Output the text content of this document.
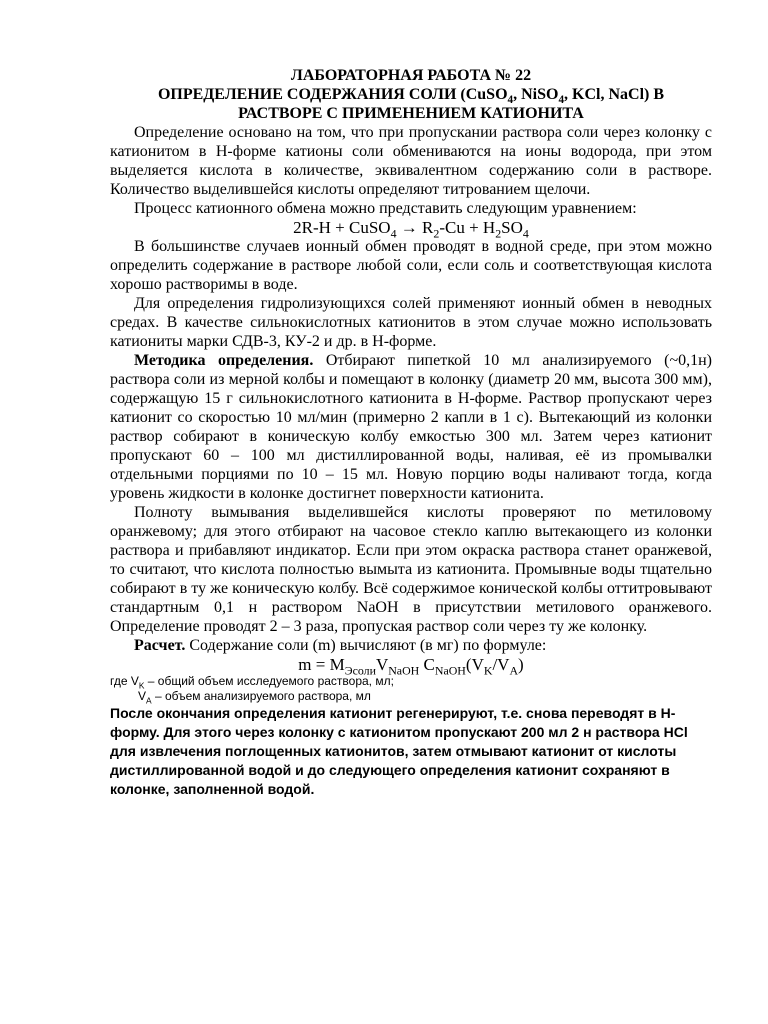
ЛАБОРАТОРНАЯ РАБОТА № 22

ОПРЕДЕЛЕНИЕ СОДЕРЖАНИЯ СОЛИ (CuSO$_4$, NiSO$_4$, KCl, NaCl) В
РАСТВОРЕ С ПРИМЕНЕНИЕМ КАТИОНИТА

Определение основано на том, что при пропускании раствора соли через колонку с катионитом в Н-форме катионы соли обмениваются на ионы водорода, при этом выделяется кислота в количестве, эквивалентном содержанию соли в растворе. Количество выделившейся кислоты определяют титрованием щелочи.

Процесс катионного обмена можно представить следующим уравнением:

2R-H + CuSO$_4$ → $R_2-Cu + H_2SO_4$

В большинстве случаев ионный обмен проводят в водной среде, при этом можно определить содержание в растворе любой соли, если соль и соответствующая кислота хорошо растворимы в воде.

Для определения гидролизующихся солей применяют ионный обмен в неводных средах. В качестве сильнокислотных катионитов в этом случае можно использовать катиониты марки СДВ-3, КУ-2 и др. в Н-форме.

Методика определения. Отбирают пипеткой 10 мл анализируемого (~0,1н) раствора соли из мерной колбы и помещают в колонку (диаметр 20 мм, высота 300 мм), содержащую 15 г сильнокислотного катионита в Н-форме. Раствор пропускают через катионит со скоростью 10 мл/мин (примерно 2 капли в 1 с). Вытекающий из колонки раствор собирают в коническую колбу емкостью 300 мл. Затем через катионит пропускают 60 – 100 мл дистиллированной воды, наливая, её из промывалки отдельными порциями по 10 – 15 мл. Новую порцию воды наливают тогда, когда уровень жидкости в колонке достигнет поверхности катионита.

Полноту вымывания выделившейся кислоты проверяют по метиловому оранжевому; для этого отбирают на часовое стекло каплю вытекающего из колонки раствора и прибавляют индикатор. Если при этом окраска раствора станет оранжевой, то считают, что кислота полностью вымыта из катионита. Промывные воды тщательно собирают в ту же коническую колбу. Всё содержимое конической колбы оттитровывают стандартным 0,1 н раствором NaOH в присутствии метилового оранжевого. Определение проводят 2 – 3 раза, пропуская раствор соли через ту же колонку.

Расчет. Содержание соли (m) вычисляют (в мг) по формуле:

$m = M_{Эсоли}V_{NaOH}$ $C_{NaOH}(V_K/V_A)$

где $V_K$ – общий объем исследуемого раствора, мл;
$V_A$ – объем анализируемого раствора, мл

После окончания определения катионит регенерируют, т.е. снова переводят в Н-форму. Для этого через колонку с катионитом пропускают 200 мл 2 н раствора HCl для извлечения поглощенных катионитов, затем отмывают катионит от кислоты дистиллированной водой и до следующего определения катионит сохраняют в колонке, заполненной водой.
